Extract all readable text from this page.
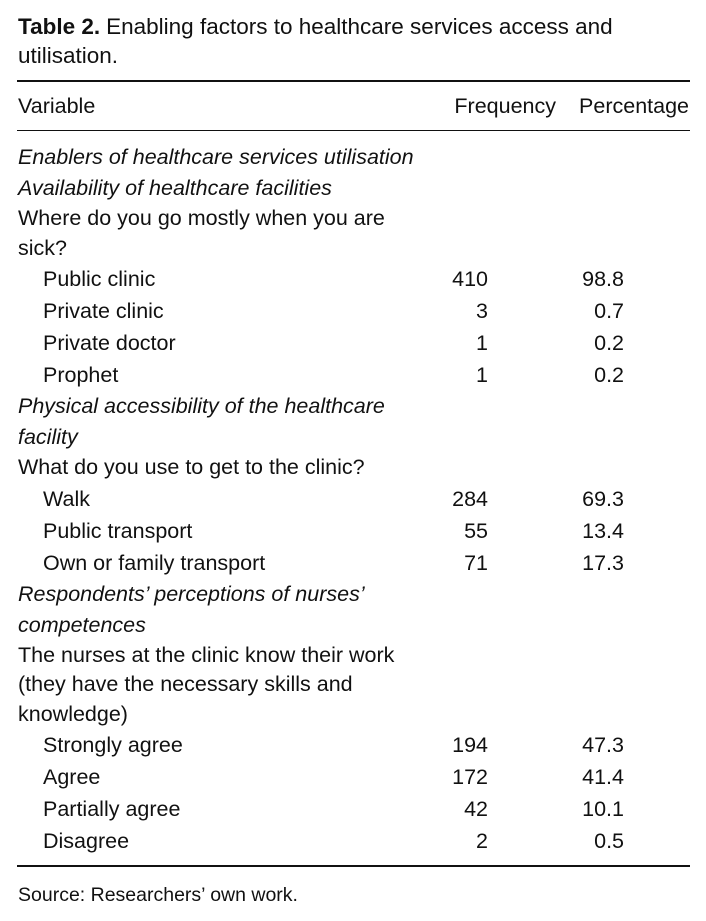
Table 2. Enabling factors to healthcare services access and utilisation.
Variable	Frequency Percentage
Enablers of healthcare services utilisation
Availability of healthcare facilities
Where do you go mostly when you are sick?
Public clinic	410	98.8
Private clinic	3	0.7
Private doctor	1	0.2
Prophet	1	0.2
Physical accessibility of the healthcare facility
What do you use to get to the clinic?
Walk	284	69.3
Public transport	55	13.4
Own or family transport	71	17.3
Respondents’ perceptions of nurses’ competences
The nurses at the clinic know their work (they have the necessary skills and knowledge)
Strongly agree	194	47.3
Agree	172	41.4
Partially agree	42	10.1
Disagree	2	0.5
Source: Researchers’ own work.
